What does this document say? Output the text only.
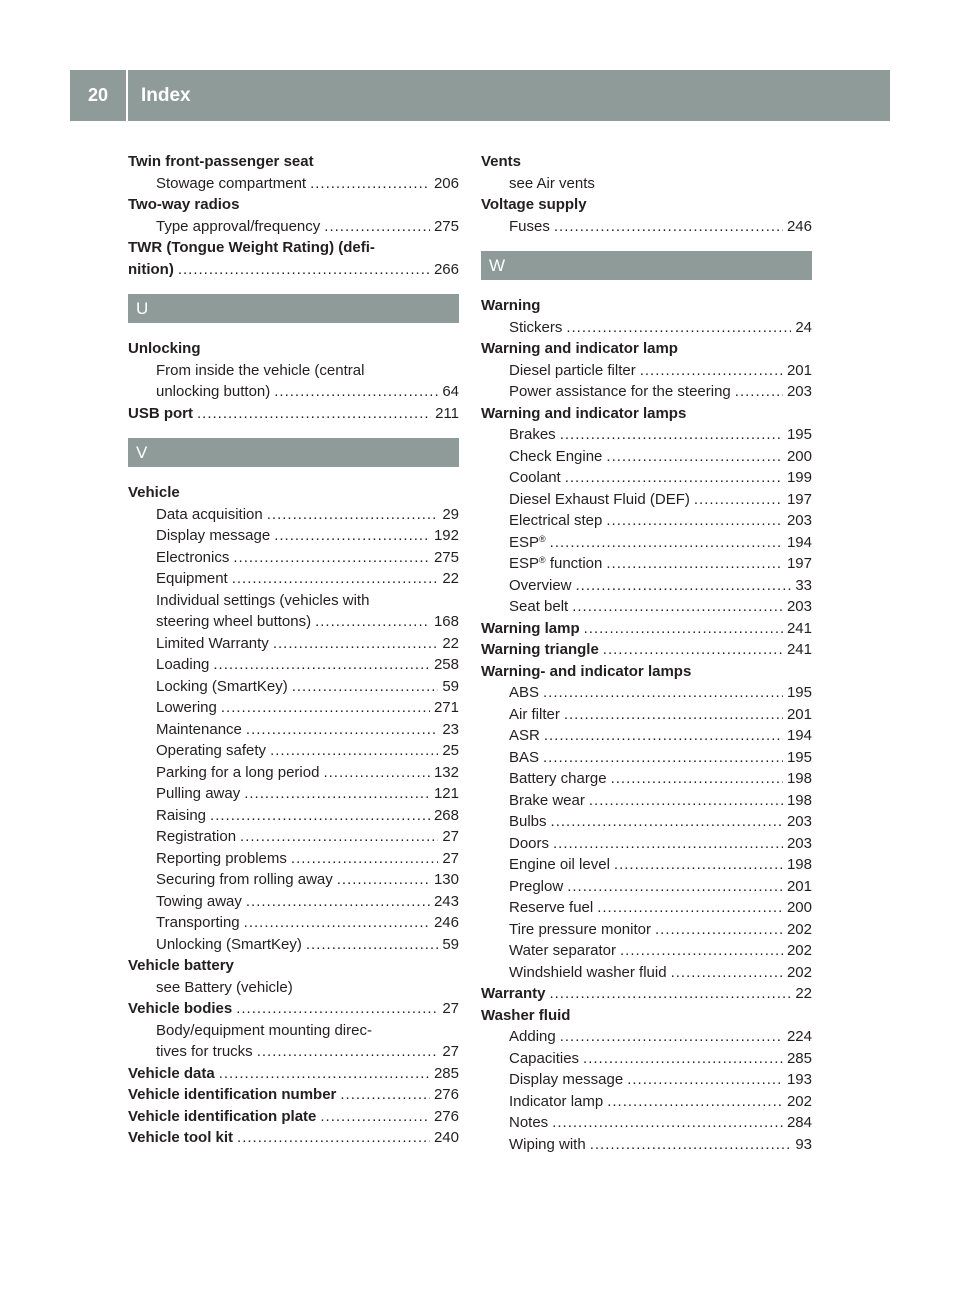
20	Index
Twin front-passenger seat
Stowage compartment .....	206
Two-way radios
Type approval/frequency .....	275
TWR (Tongue Weight Rating) (defi-
nition) .....	266
U
Unlocking
From inside the vehicle (central
unlocking button) .....	64
USB port .....	211
V
Vehicle
Data acquisition .....	29
Display message .....	192
Electronics .....	275
Equipment .....	22
Individual settings (vehicles with
steering wheel buttons) .....	168
Limited Warranty .....	22
Loading .....	258
Locking (SmartKey) .....	59
Lowering .....	271
Maintenance .....	23
Operating safety .....	25
Parking for a long period .....	132
Pulling away .....	121
Raising .....	268
Registration .....	27
Reporting problems .....	27
Securing from rolling away .....	130
Towing away .....	243
Transporting .....	246
Unlocking (SmartKey) .....	59
Vehicle battery
see Battery (vehicle)
Vehicle bodies .....	27
Body/equipment mounting direc-
tives for trucks .....	27
Vehicle data .....	285
Vehicle identification number .....	276
Vehicle identification plate .....	276
Vehicle tool kit .....	240
Vents
see Air vents
Voltage supply
Fuses .....	246
W
Warning
Stickers .....	24
Warning and indicator lamp
Diesel particle filter .....	201
Power assistance for the steering .....	203
Warning and indicator lamps
Brakes .....	195
Check Engine .....	200
Coolant .....	199
Diesel Exhaust Fluid (DEF) .....	197
Electrical step .....	203
ESP® .....	194
ESP® function .....	197
Overview .....	33
Seat belt .....	203
Warning lamp .....	241
Warning triangle .....	241
Warning- and indicator lamps
ABS .....	195
Air filter .....	201
ASR .....	194
BAS .....	195
Battery charge .....	198
Brake wear .....	198
Bulbs .....	203
Doors .....	203
Engine oil level .....	198
Preglow .....	201
Reserve fuel .....	200
Tire pressure monitor .....	202
Water separator .....	202
Windshield washer fluid .....	202
Warranty .....	22
Washer fluid
Adding .....	224
Capacities .....	285
Display message .....	193
Indicator lamp .....	202
Notes .....	284
Wiping with .....	93
